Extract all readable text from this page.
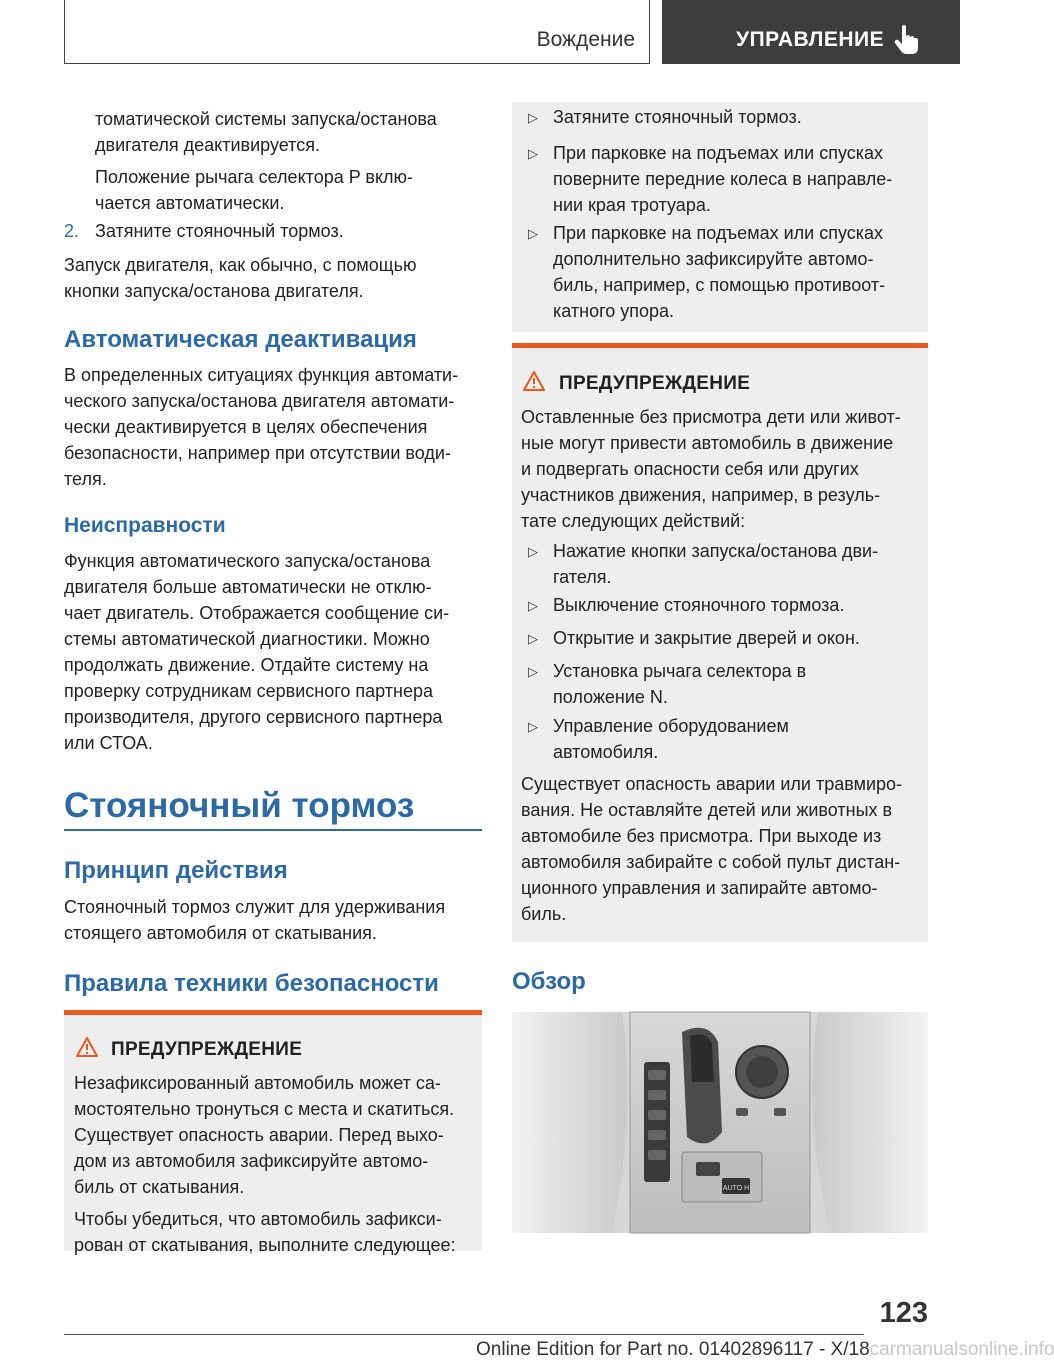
Вождение	УПРАВЛЕНИЕ

томатической системы запуска/останова

двигателя деактивируется.

Положение рычага селектора P вклю-

чается автоматически.

2. Затяните стояночный тормоз.

Запуск двигателя, как обычно, с помощью

кнопки запуска/останова двигателя.

Автоматическая деактивация

В определенных ситуациях функция автомати-

ческого запуска/останова двигателя автомати-

чески деактивируется в целях обеспечения

безопасности, например при отсутствии води-

теля.

Неисправности

Функция автоматического запуска/останова

двигателя больше автоматически не отклю-

чает двигатель. Отображается сообщение си-

стемы автоматической диагностики. Можно

продолжать движение. Отдайте систему на

проверку сотрудникам сервисного партнера

производителя, другого сервисного партнера

или СТОА.

Стояночный тормоз
Принцип действия

Стояночный тормоз служит для удерживания

стоящего автомобиля от скатывания.

Правила техники безопасности
ПРЕДУПРЕЖДЕНИЕ

Незафиксированный автомобиль может са-

мостоятельно тронуться с места и скатиться.

Существует опасность аварии. Перед выхо-

дом из автомобиля зафиксируйте автомо-

биль от скатывания.

Чтобы убедиться, что автомобиль зафикси-

рован от скатывания, выполните следующее:

▷ Затяните стояночный тормоз.

▷ При парковке на подъемах или спусках

поверните передние колеса в направле-

нии края тротуара.

▷ При парковке на подъемах или спусках

дополнительно зафиксируйте автомо-

биль, например, с помощью противоот-

катного упора.

ПРЕДУПРЕЖДЕНИЕ

Оставленные без присмотра дети или живот-

ные могут привести автомобиль в движение

и подвергать опасности себя или других

участников движения, например, в резуль-

тате следующих действий:

▷ Нажатие кнопки запуска/останова дви-

гателя.

▷ Выключение стояночного тормоза.

▷ Открытие и закрытие дверей и окон.

▷ Установка рычага селектора в

положение N.

▷ Управление оборудованием

автомобиля.

Существует опасность аварии или травмиро-

вания. Не оставляйте детей или животных в

автомобиле без присмотра. При выходе из

автомобиля забирайте с собой пульт дистан-

ционного управления и запирайте автомо-

биль.

Обзор
AUTO H
123
Online Edition for Part no. 01402896117 - X/18carmanualsonline.info
